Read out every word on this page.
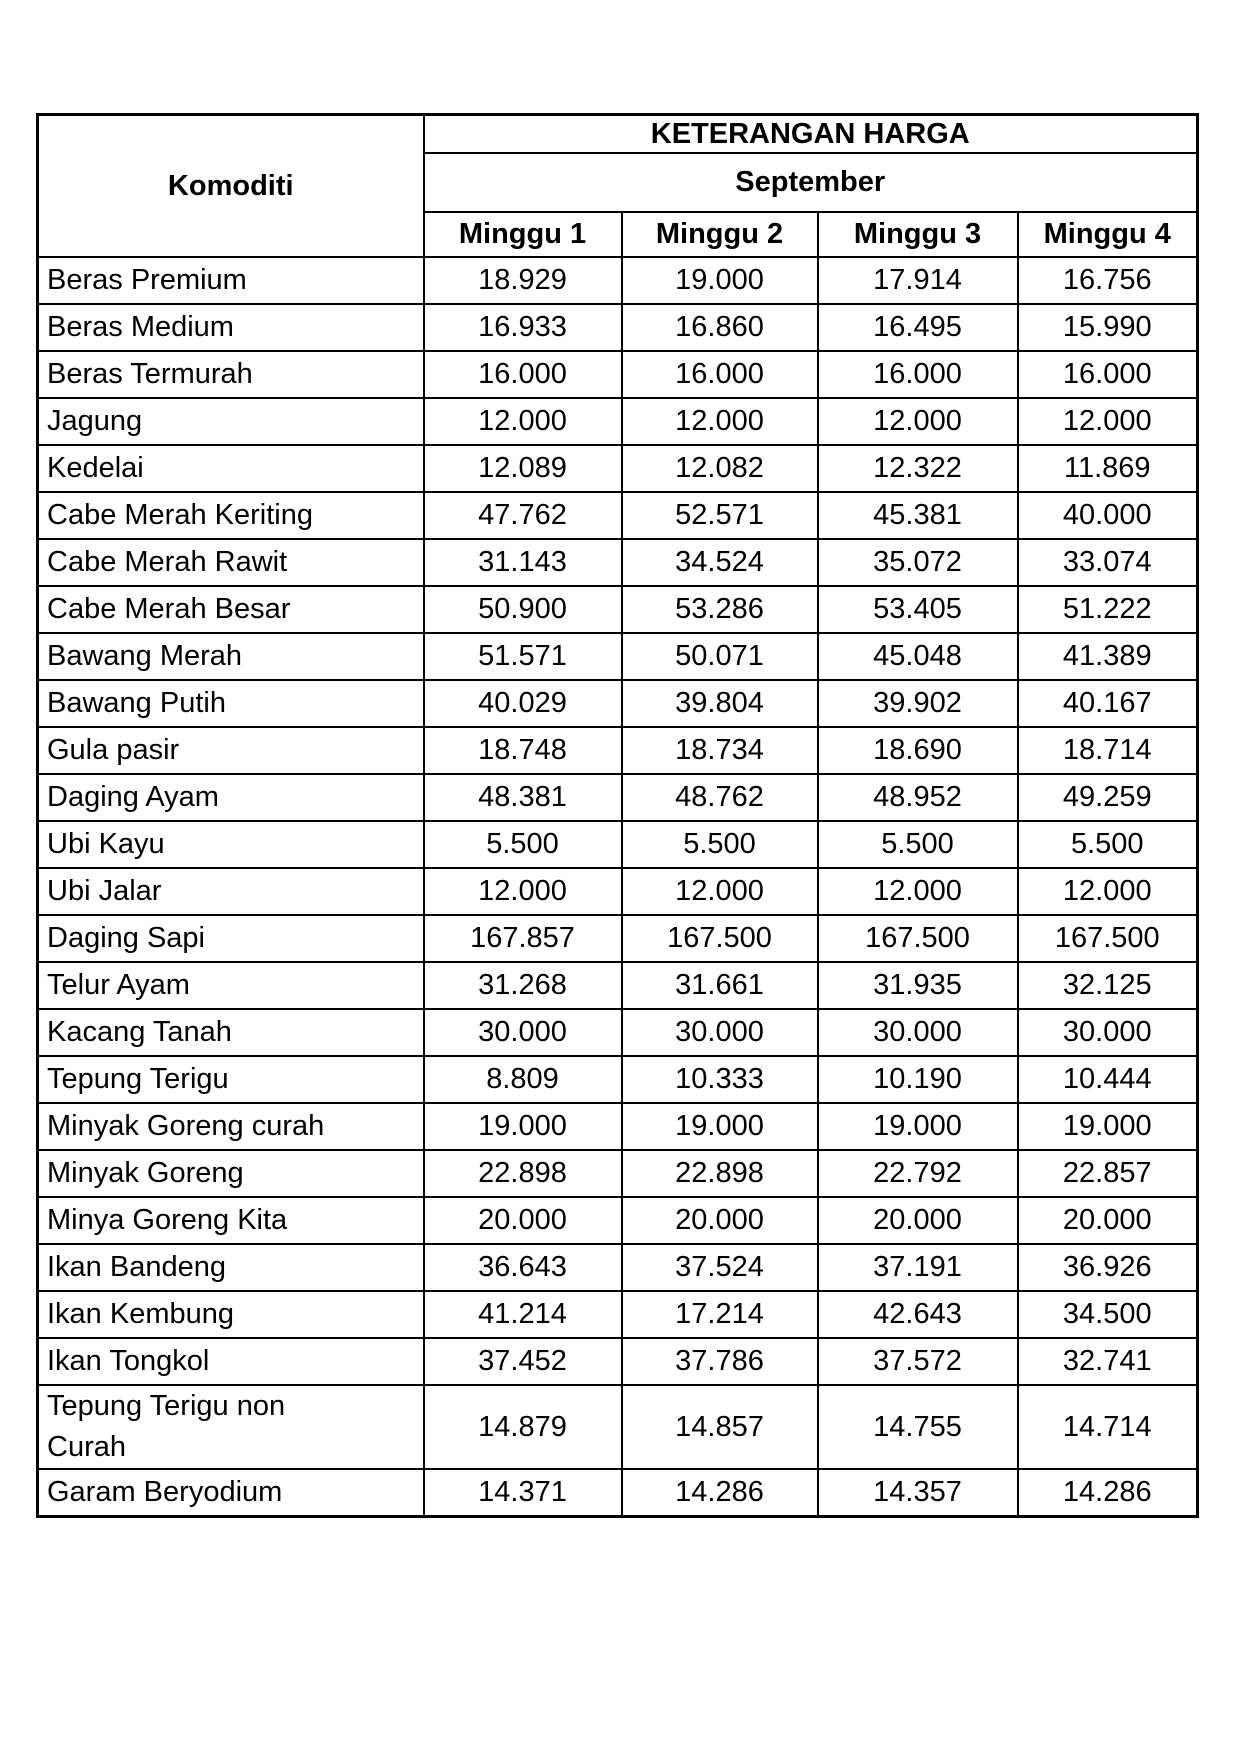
Komoditi	KETERANGAN HARGA			
	September			
	Minggu 1	Minggu 2	Minggu 3	Minggu 4
Beras Premium	18.929	19.000	17.914	16.756
Beras Medium	16.933	16.860	16.495	15.990
Beras Termurah	16.000	16.000	16.000	16.000
Jagung	12.000	12.000	12.000	12.000
Kedelai	12.089	12.082	12.322	11.869
Cabe Merah Keriting	47.762	52.571	45.381	40.000
Cabe Merah Rawit	31.143	34.524	35.072	33.074
Cabe Merah Besar	50.900	53.286	53.405	51.222
Bawang Merah	51.571	50.071	45.048	41.389
Bawang Putih	40.029	39.804	39.902	40.167
Gula pasir	18.748	18.734	18.690	18.714
Daging Ayam	48.381	48.762	48.952	49.259
Ubi Kayu	5.500	5.500	5.500	5.500
Ubi Jalar	12.000	12.000	12.000	12.000
Daging Sapi	167.857	167.500	167.500	167.500
Telur Ayam	31.268	31.661	31.935	32.125
Kacang Tanah	30.000	30.000	30.000	30.000
Tepung Terigu	8.809	10.333	10.190	10.444
Minyak Goreng curah	19.000	19.000	19.000	19.000
Minyak Goreng	22.898	22.898	22.792	22.857
Minya Goreng Kita	20.000	20.000	20.000	20.000
Ikan Bandeng	36.643	37.524	37.191	36.926
Ikan Kembung	41.214	17.214	42.643	34.500
Ikan Tongkol	37.452	37.786	37.572	32.741
Tepung Terigu non Curah	14.879	14.857	14.755	14.714
Garam Beryodium	14.371	14.286	14.357	14.286
